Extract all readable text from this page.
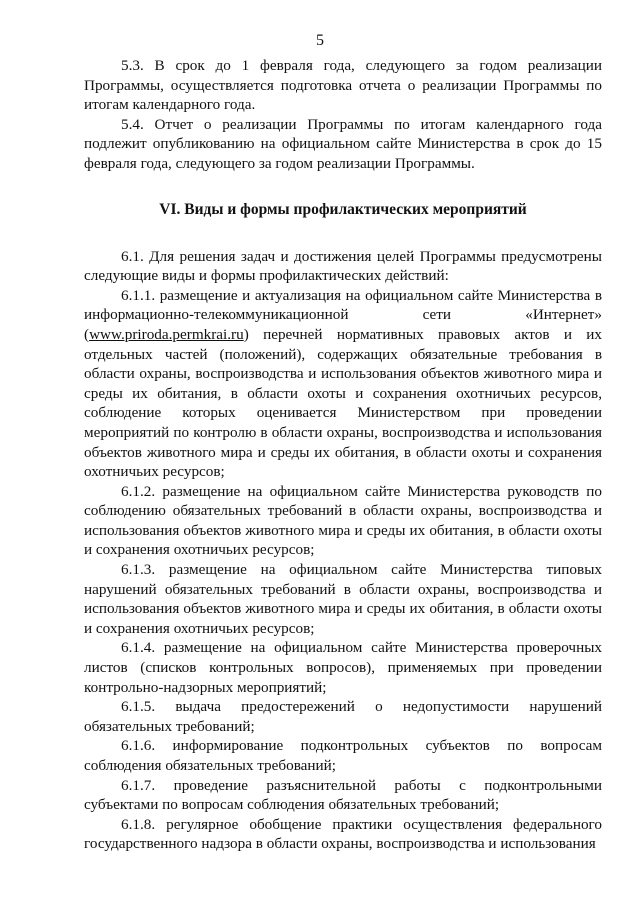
5

5.3. В срок до 1 февраля года, следующего за годом реализации Программы, осуществляется подготовка отчета о реализации Программы по итогам календарного года.

5.4. Отчет о реализации Программы по итогам календарного года подлежит опубликованию на официальном сайте Министерства в срок до 15 февраля года, следующего за годом реализации Программы.

VI. Виды и формы профилактических мероприятий

6.1. Для решения задач и достижения целей Программы предусмотрены следующие виды и формы профилактических действий:

6.1.1. размещение и актуализация на официальном сайте Министерства в информационно-телекоммуникационной сети «Интернет» (www.priroda.permkrai.ru) перечней нормативных правовых актов и их отдельных частей (положений), содержащих обязательные требования в области охраны, воспроизводства и использования объектов животного мира и среды их обитания, в области охоты и сохранения охотничьих ресурсов, соблюдение которых оценивается Министерством при проведении мероприятий по контролю в области охраны, воспроизводства и использования объектов животного мира и среды их обитания, в области охоты и сохранения охотничьих ресурсов;

6.1.2. размещение на официальном сайте Министерства руководств по соблюдению обязательных требований в области охраны, воспроизводства и использования объектов животного мира и среды их обитания, в области охоты и сохранения охотничьих ресурсов;

6.1.3. размещение на официальном сайте Министерства типовых нарушений обязательных требований в области охраны, воспроизводства и использования объектов животного мира и среды их обитания, в области охоты и сохранения охотничьих ресурсов;

6.1.4. размещение на официальном сайте Министерства проверочных листов (списков контрольных вопросов), применяемых при проведении контрольно-надзорных мероприятий;

6.1.5. выдача предостережений о недопустимости нарушений обязательных требований;

6.1.6. информирование подконтрольных субъектов по вопросам соблюдения обязательных требований;

6.1.7. проведение разъяснительной работы с подконтрольными субъектами по вопросам соблюдения обязательных требований;

6.1.8. регулярное обобщение практики осуществления федерального государственного надзора в области охраны, воспроизводства и использования
